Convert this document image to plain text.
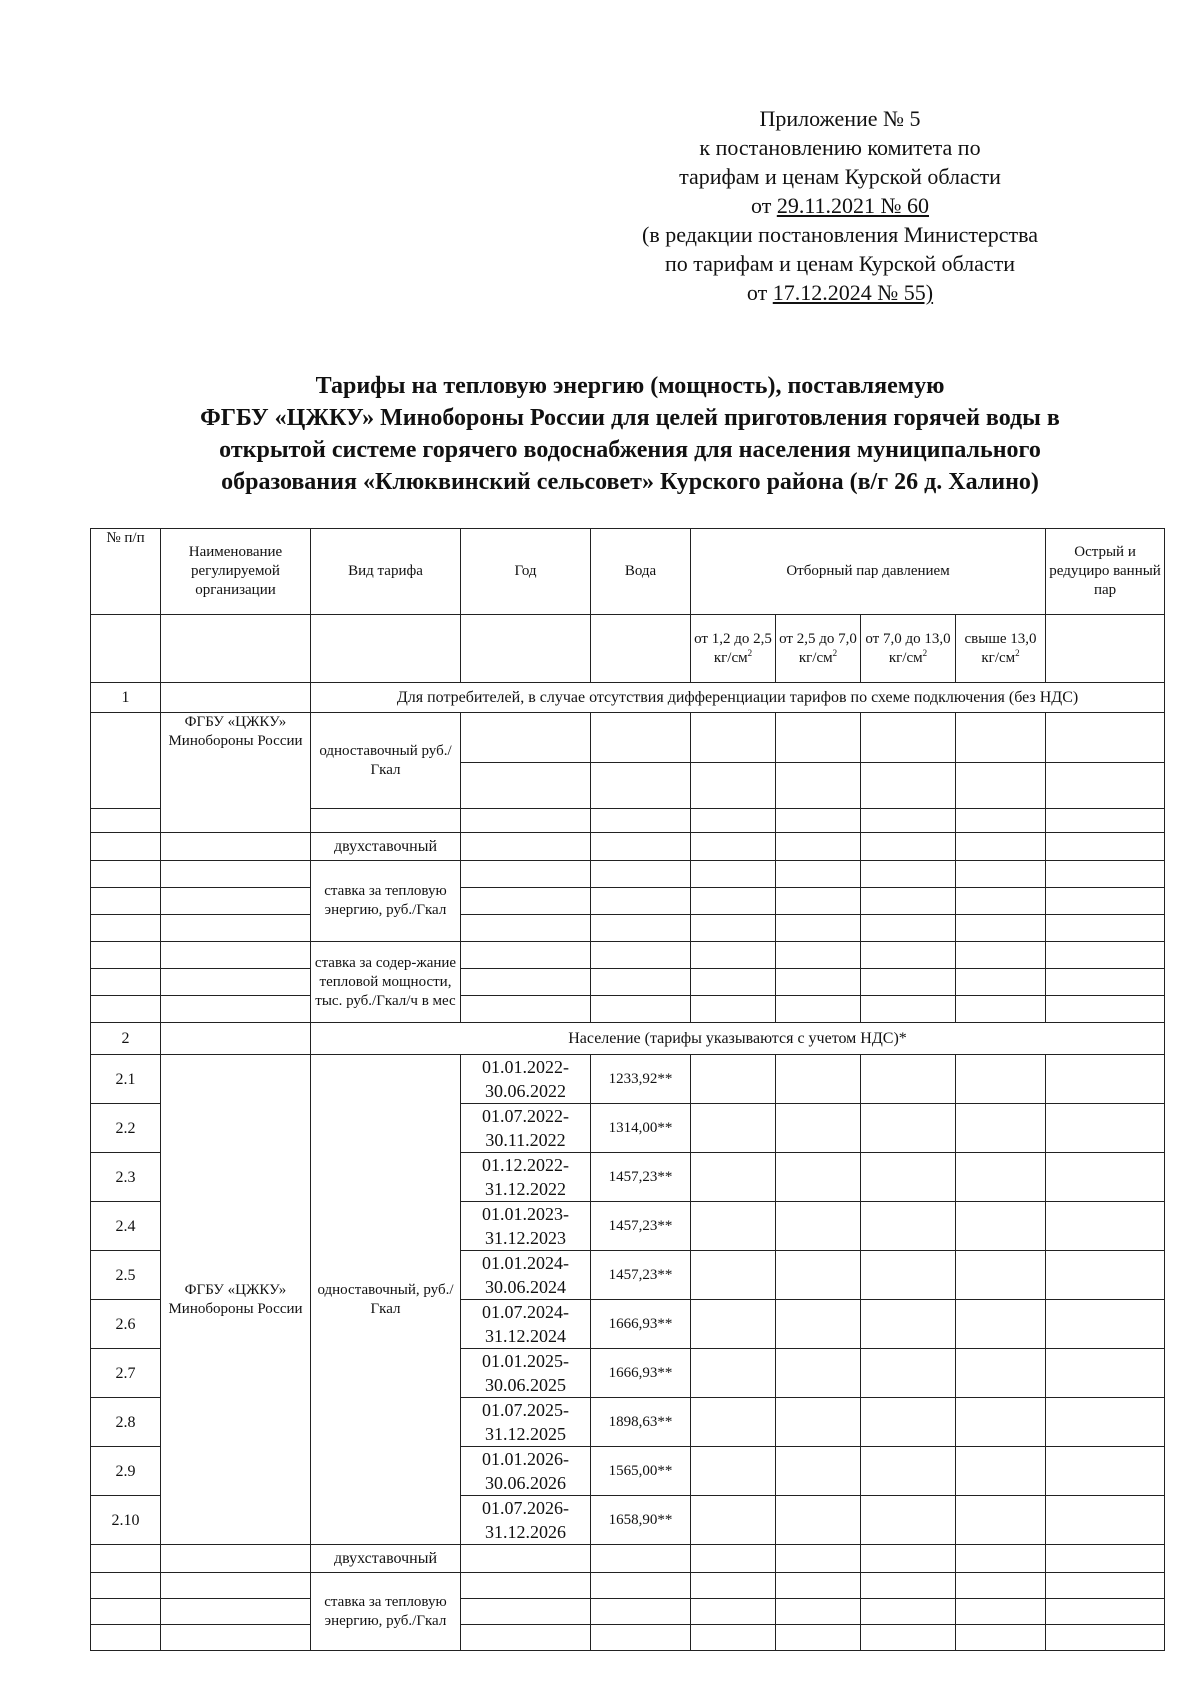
Приложение № 5
к постановлению комитета по
тарифам и ценам Курской области
от 29.11.2021 № 60
(в редакции постановления Министерства
по тарифам и ценам Курской области
от 17.12.2024 № 55)
Тарифы на тепловую энергию (мощность), поставляемую
ФГБУ «ЦЖКУ» Минобороны России для целей приготовления горячей воды в
открытой системе горячего водоснабжения для населения муниципального
образования «Клюквинский сельсовет» Курского района (в/г 26 д. Халино)
№ п/п	Наименование регулируемой организации	Вид тарифа	Год	Вода	Отборный пар давлением				Острый и редуциро ванный пар
					от 1,2 до 2,5 $кг/см^2$	от 2,5 до 7,0 $кг/см^2$	от 7,0 до 13,0 $кг/см^2$	свыше 13,0 $кг/см^2$	
1		Для потребителей, в случае отсутствия дифференциации тарифов по схеме подключения (без НДС)							
	ФГБУ «ЦЖКУ» Минобороны России	одноставочный руб./Гкал							

		двухставочный							
		ставка за тепловую энергию, руб./Гкал							

		ставка за содер-жание тепловой мощности, тыс. руб./Гкал/ч в мес							

2		Население (тарифы указываются с учетом НДС)*							
2.1	ФГБУ «ЦЖКУ» Минобороны России	одноставочный, руб./Гкал	01.01.2022-30.06.2022	1233,92**					
2.2			01.07.2022-30.11.2022	1314,00**					
2.3			01.12.2022-31.12.2022	1457,23**					
2.4			01.01.2023-31.12.2023	1457,23**					
2.5			01.01.2024-30.06.2024	1457,23**					
2.6			01.07.2024-31.12.2024	1666,93**					
2.7			01.01.2025-30.06.2025	1666,93**					
2.8			01.07.2025-31.12.2025	1898,63**					
2.9			01.01.2026-30.06.2026	1565,00**					
2.10			01.07.2026-31.12.2026	1658,90**					
		двухставочный							
		ставка за тепловую энергию, руб./Гкал							
